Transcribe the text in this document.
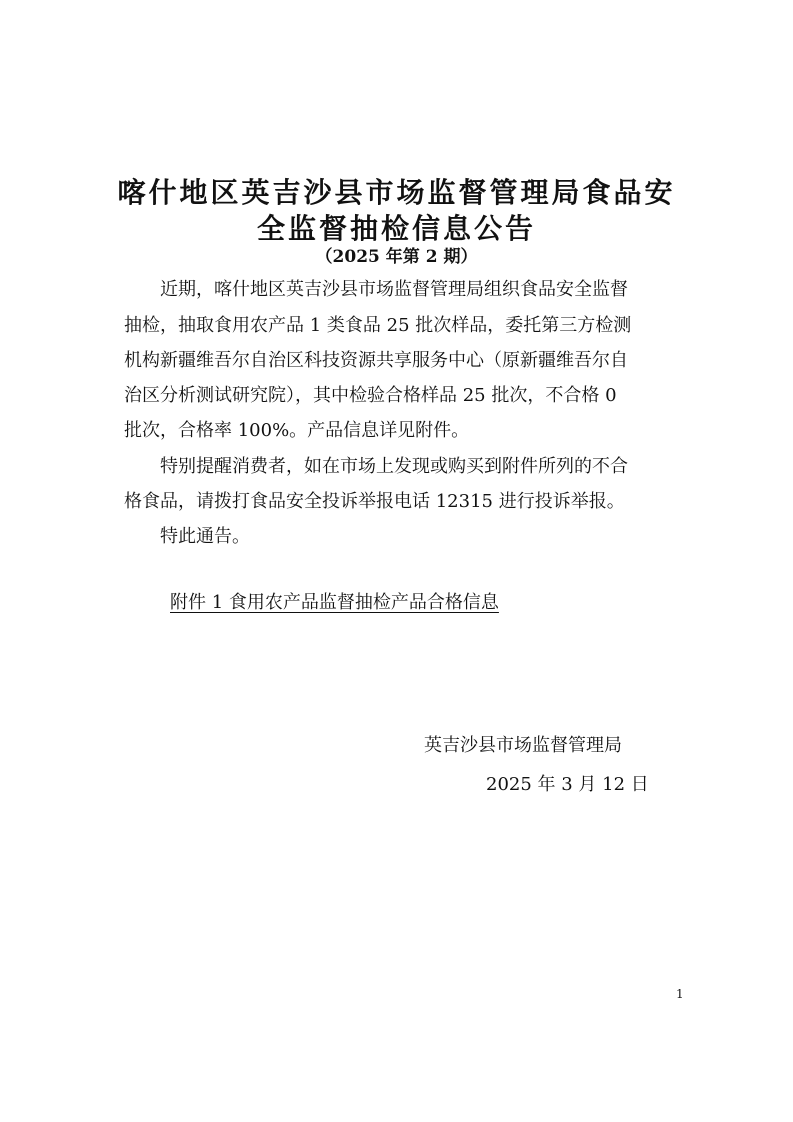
喀什地区英吉沙县市场监督管理局食品安
全监督抽检信息公告

（2025 年第 2 期）

　　近期，喀什地区英吉沙县市场监督管理局组织食品安全监督

抽检，抽取食用农产品 1 类食品 25 批次样品，委托第三方检测

机构新疆维吾尔自治区科技资源共享服务中心（原新疆维吾尔自

治区分析测试研究院），其中检验合格样品 25 批次，不合格 0

批次，合格率 100%。产品信息详见附件。

　　特别提醒消费者，如在市场上发现或购买到附件所列的不合

格食品，请拨打食品安全投诉举报电话 12315 进行投诉举报。

　　特此通告。

附件 1 食用农产品监督抽检产品合格信息

英吉沙县市场监督管理局

2025 年 3 月 12 日

1
